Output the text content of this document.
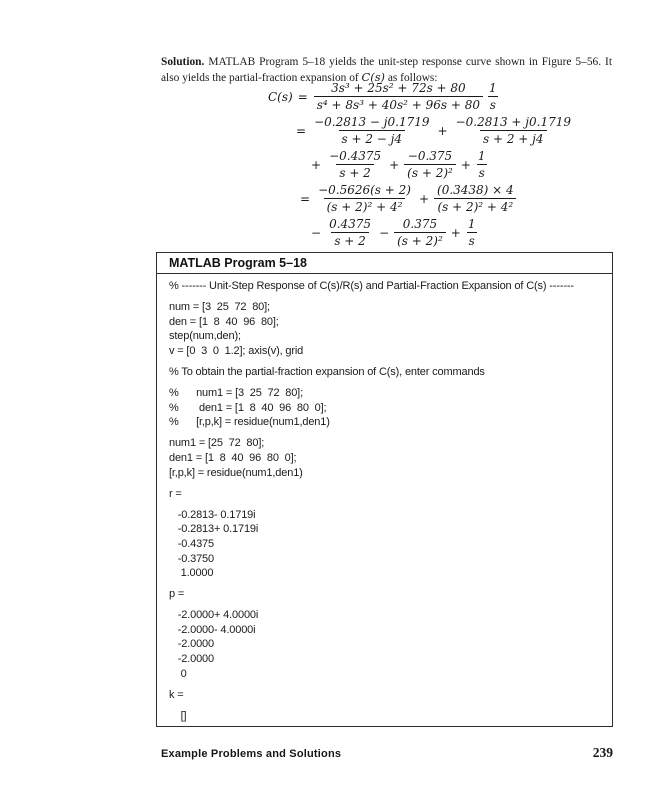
Solution. MATLAB Program 5–18 yields the unit-step response curve shown in Figure 5–56. It
also yields the partial-fraction expansion of C(s) as follows:

$C(s) = \frac{\text{3s³ + 25s² + 72s + 80}}{\text{s⁴ + 8s³ + 40s² + 96s + 80}} \frac{1}{s}$
= $\frac{-0.2813 - j0.1719}{s + 2 - j4} + \frac{-0.2813 + j0.1719}{s + 2 + j4}$
+ $\frac{-0.4375}{s + 2} + \frac{-0.375}{\text{(s + 2)²}} + \frac{1}{s}$
= $\frac{-0.5626(s + 2)}{\text{(s + 2)² + 4²}} + \frac{(0.3438) \times 4}{\text{(s + 2)² + 4²}}$
− $\frac{0.4375}{s + 2} - \frac{0.375}{\text{(s + 2)²}} + \frac{1}{s}$
MATLAB Program 5–18
% ------- Unit-Step Response of C(s)/R(s) and Partial-Fraction Expansion of C(s) -------
num = [3  25  72  80];
den = [1  8  40  96  80];
step(num,den);
v = [0  3  0  1.2]; axis(v), grid
% To obtain the partial-fraction expansion of C(s), enter commands
%      num1 = [3  25  72  80];
%       den1 = [1  8  40  96  80  0];
%      [r,p,k] = residue(num1,den1)
num1 = [25  72  80];
den1 = [1  8  40  96  80  0];
[r,p,k] = residue(num1,den1)
r =
-0.2813- 0.1719i
-0.2813+ 0.1719i
-0.4375
-0.3750
1.0000
p =
-2.0000+ 4.0000i
-2.0000- 4.0000i
-2.0000
-2.0000
0
k =
[]
Example Problems and Solutions	239
